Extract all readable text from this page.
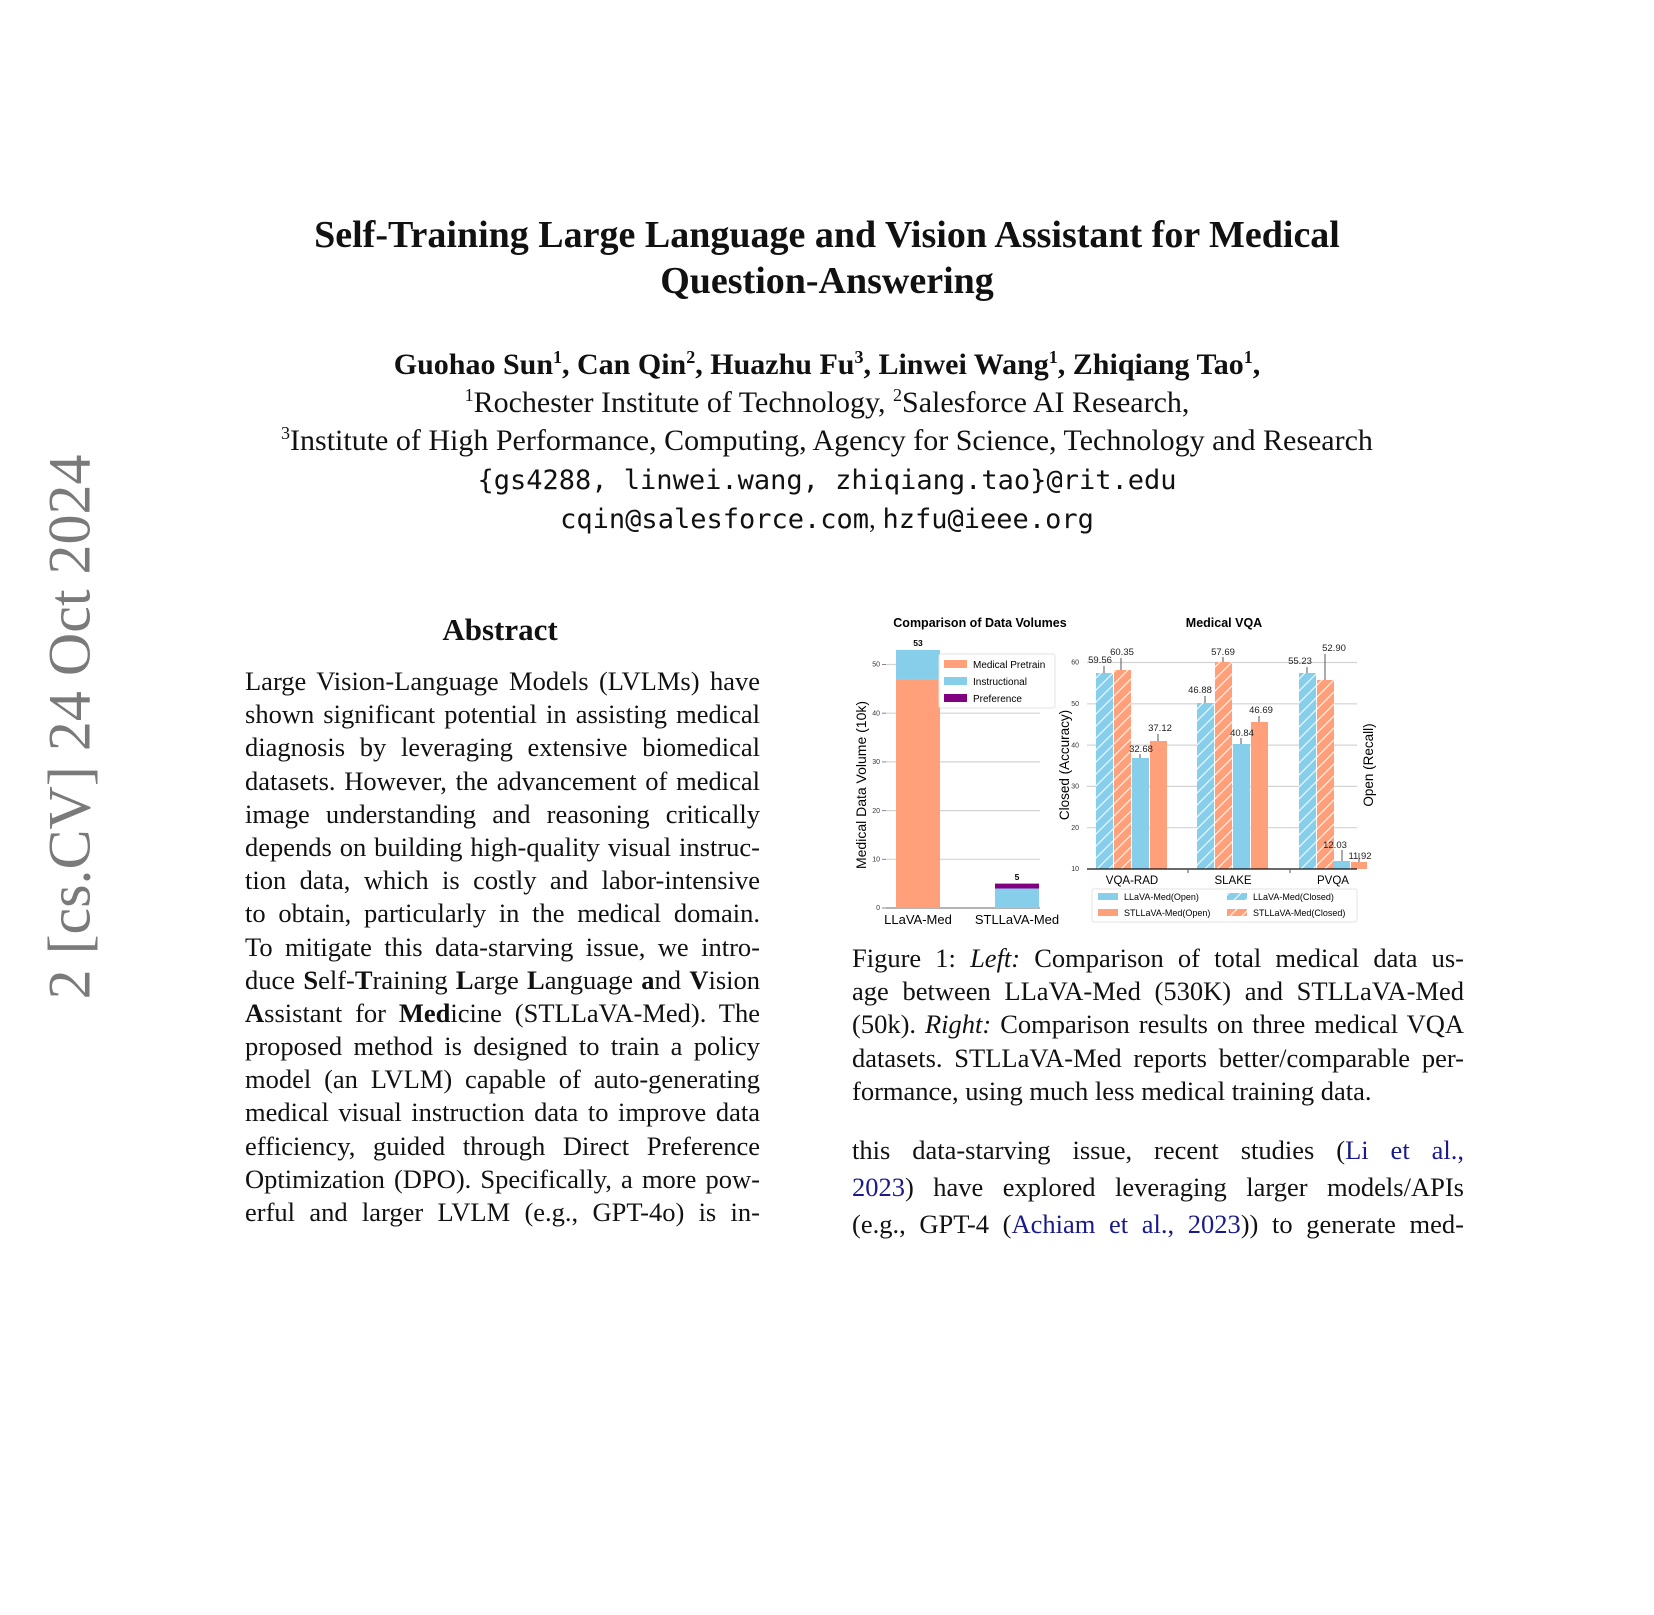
Self-Training Large Language and Vision Assistant for Medical
Question-Answering
Guohao Sun$^1$, Can Qin$^2$, Huazhu Fu$^3$, Linwei Wang$^1$, Zhiqiang Tao$^1$,
$^1$Rochester Institute of Technology, $^2$Salesforce AI Research,
$^3$Institute of High Performance, Computing, Agency for Science, Technology and Research
{gs4288, linwei.wang, zhiqiang.tao}@rit.edu
cqin@salesforce.com, hzfu@ieee.org
2 [cs.CV] 24 Oct 2024	Abstract
Large Vision-Language Models (LVLMs) have
shown significant potential in assisting medical
diagnosis by leveraging extensive biomedical
datasets. However, the advancement of medical
image understanding and reasoning critically
depends on building high-quality visual instruc-
tion data, which is costly and labor-intensive
to obtain, particularly in the medical domain.
To mitigate this data-starving issue, we intro-
duce Self-Training Large Language and Vision
Assistant for Medicine (STLLaVA-Med). The
proposed method is designed to train a policy
model (an LVLM) capable of auto-generating
medical visual instruction data to improve data
efficiency, guided through Direct Preference
Optimization (DPO). Specifically, a more pow-
erful and larger LVLM (e.g., GPT-4o) is in-
Comparison of Data Volumes
0
10
20
30
40
50
Medical Data Volume (10k)
53
5
LLaVA-Med STLLaVA-Med
Medical Pretrain
Instructional
Preference
Medical VQA
10
20
30
40
50
60
Closed (Accuracy)	Open (Recall)
59.56
60.35
32.68
37.12
46.88
57.69
40.84
46.69
55.23
52.90
12.03
11.92
VQA-RAD	SLAKE	PVQA
LLaVA-Med(Open)
STLLaVA-Med(Open)
LLaVA-Med(Closed)
STLLaVA-Med(Closed)
Figure 1: Left: Comparison of total medical data us-
age between LLaVA-Med (530K) and STLLaVA-Med
(50k). Right: Comparison results on three medical VQA
datasets. STLLaVA-Med reports better/comparable per-
formance, using much less medical training data.
this data-starving issue, recent studies (Li et al.,
2023) have explored leveraging larger models/APIs
(e.g., GPT-4 (Achiam et al., 2023)) to generate med-
